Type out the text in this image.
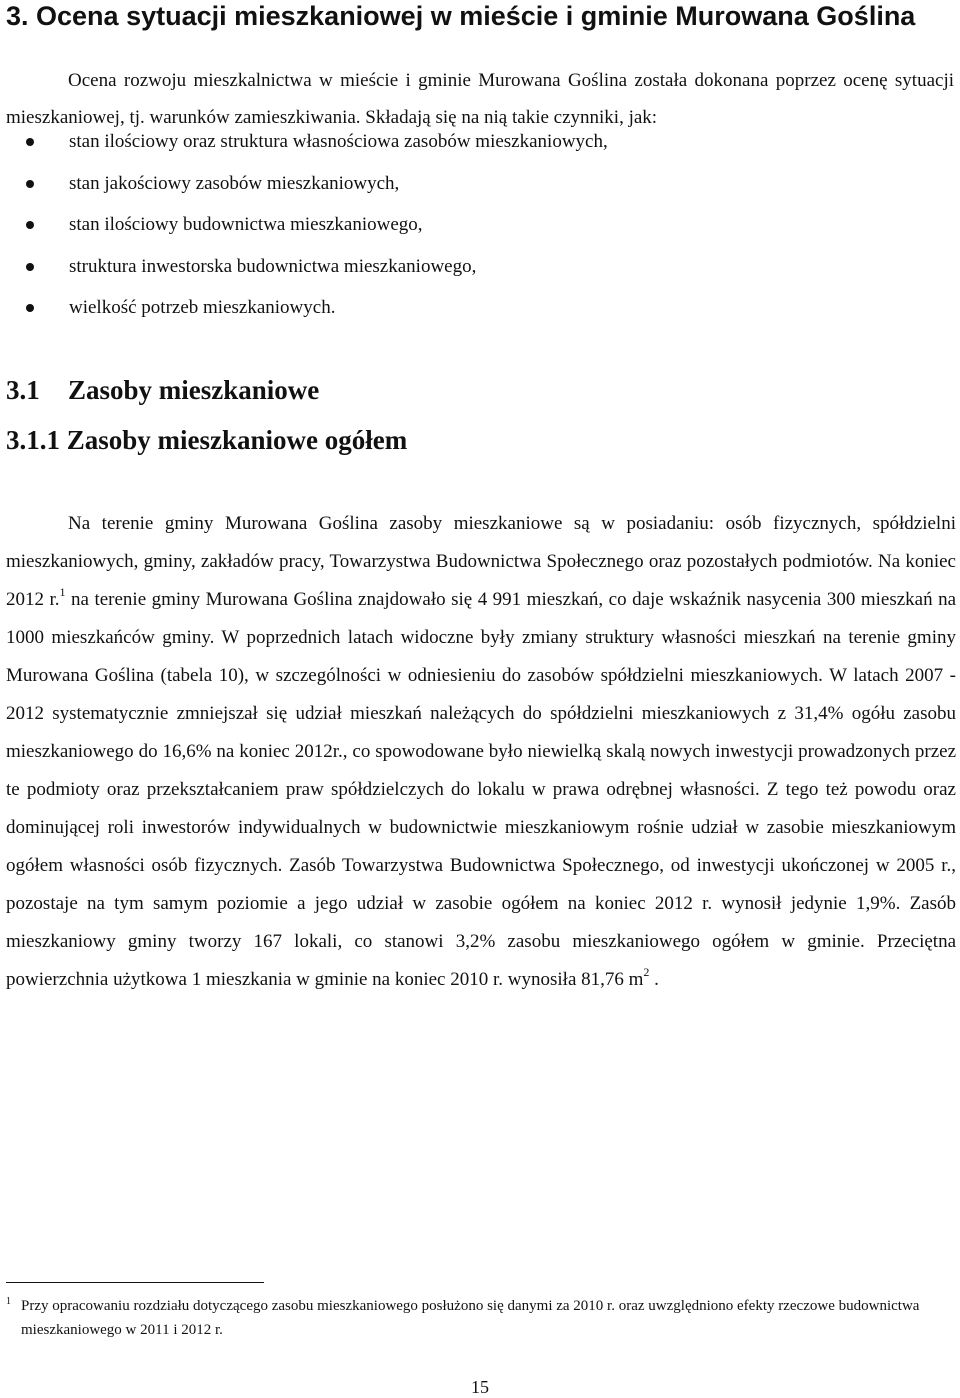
3. Ocena sytuacji mieszkaniowej w mieście i gminie Murowana Goślina

Ocena rozwoju mieszkalnictwa w mieście i gminie Murowana Goślina została dokonana poprzez ocenę sytuacji mieszkaniowej, tj. warunków zamieszkiwania. Składają się na nią takie czynniki, jak:

stan ilościowy oraz struktura własnościowa zasobów mieszkaniowych,
stan jakościowy zasobów mieszkaniowych,
stan ilościowy budownictwa mieszkaniowego,
struktura inwestorska budownictwa mieszkaniowego,
wielkość potrzeb mieszkaniowych.
3.1 Zasoby mieszkaniowe
3.1.1 Zasoby mieszkaniowe ogółem

Na terenie gminy Murowana Goślina zasoby mieszkaniowe są w posiadaniu: osób fizycznych, spółdzielni mieszkaniowych, gminy, zakładów pracy, Towarzystwa Budownictwa Społecznego oraz pozostałych podmiotów. Na koniec 2012 r.$^1$ na terenie gminy Murowana Goślina znajdowało się 4 991 mieszkań, co daje wskaźnik nasycenia 300 mieszkań na 1000 mieszkańców gminy. W poprzednich latach widoczne były zmiany struktury własności mieszkań na terenie gminy Murowana Goślina (tabela 10), w szczególności w odniesieniu do zasobów spółdzielni mieszkaniowych. W latach 2007 - 2012 systematycznie zmniejszał się udział mieszkań należących do spółdzielni mieszkaniowych z 31,4% ogółu zasobu mieszkaniowego do 16,6% na koniec 2012r., co spowodowane było niewielką skalą nowych inwestycji prowadzonych przez te podmioty oraz przekształcaniem praw spółdzielczych do lokalu w prawa odrębnej własności. Z tego też powodu oraz dominującej roli inwestorów indywidualnych w budownictwie mieszkaniowym rośnie udział w zasobie mieszkaniowym ogółem własności osób fizycznych. Zasób Towarzystwa Budownictwa Społecznego, od inwestycji ukończonej w 2005 r., pozostaje na tym samym poziomie a jego udział w zasobie ogółem na koniec 2012 r. wynosił jedynie 1,9%. Zasób mieszkaniowy gminy tworzy 167 lokali, co stanowi 3,2% zasobu mieszkaniowego ogółem w gminie. Przeciętna powierzchnia użytkowa 1 mieszkania w gminie na koniec 2010 r. wynosiła 81,76 $m^2$ .

$^1$ Przy opracowaniu rozdziału dotyczącego zasobu mieszkaniowego posłużono się danymi za 2010 r. oraz uwzględniono efekty rzeczowe budownictwa mieszkaniowego w 2011 i 2012 r.

15
